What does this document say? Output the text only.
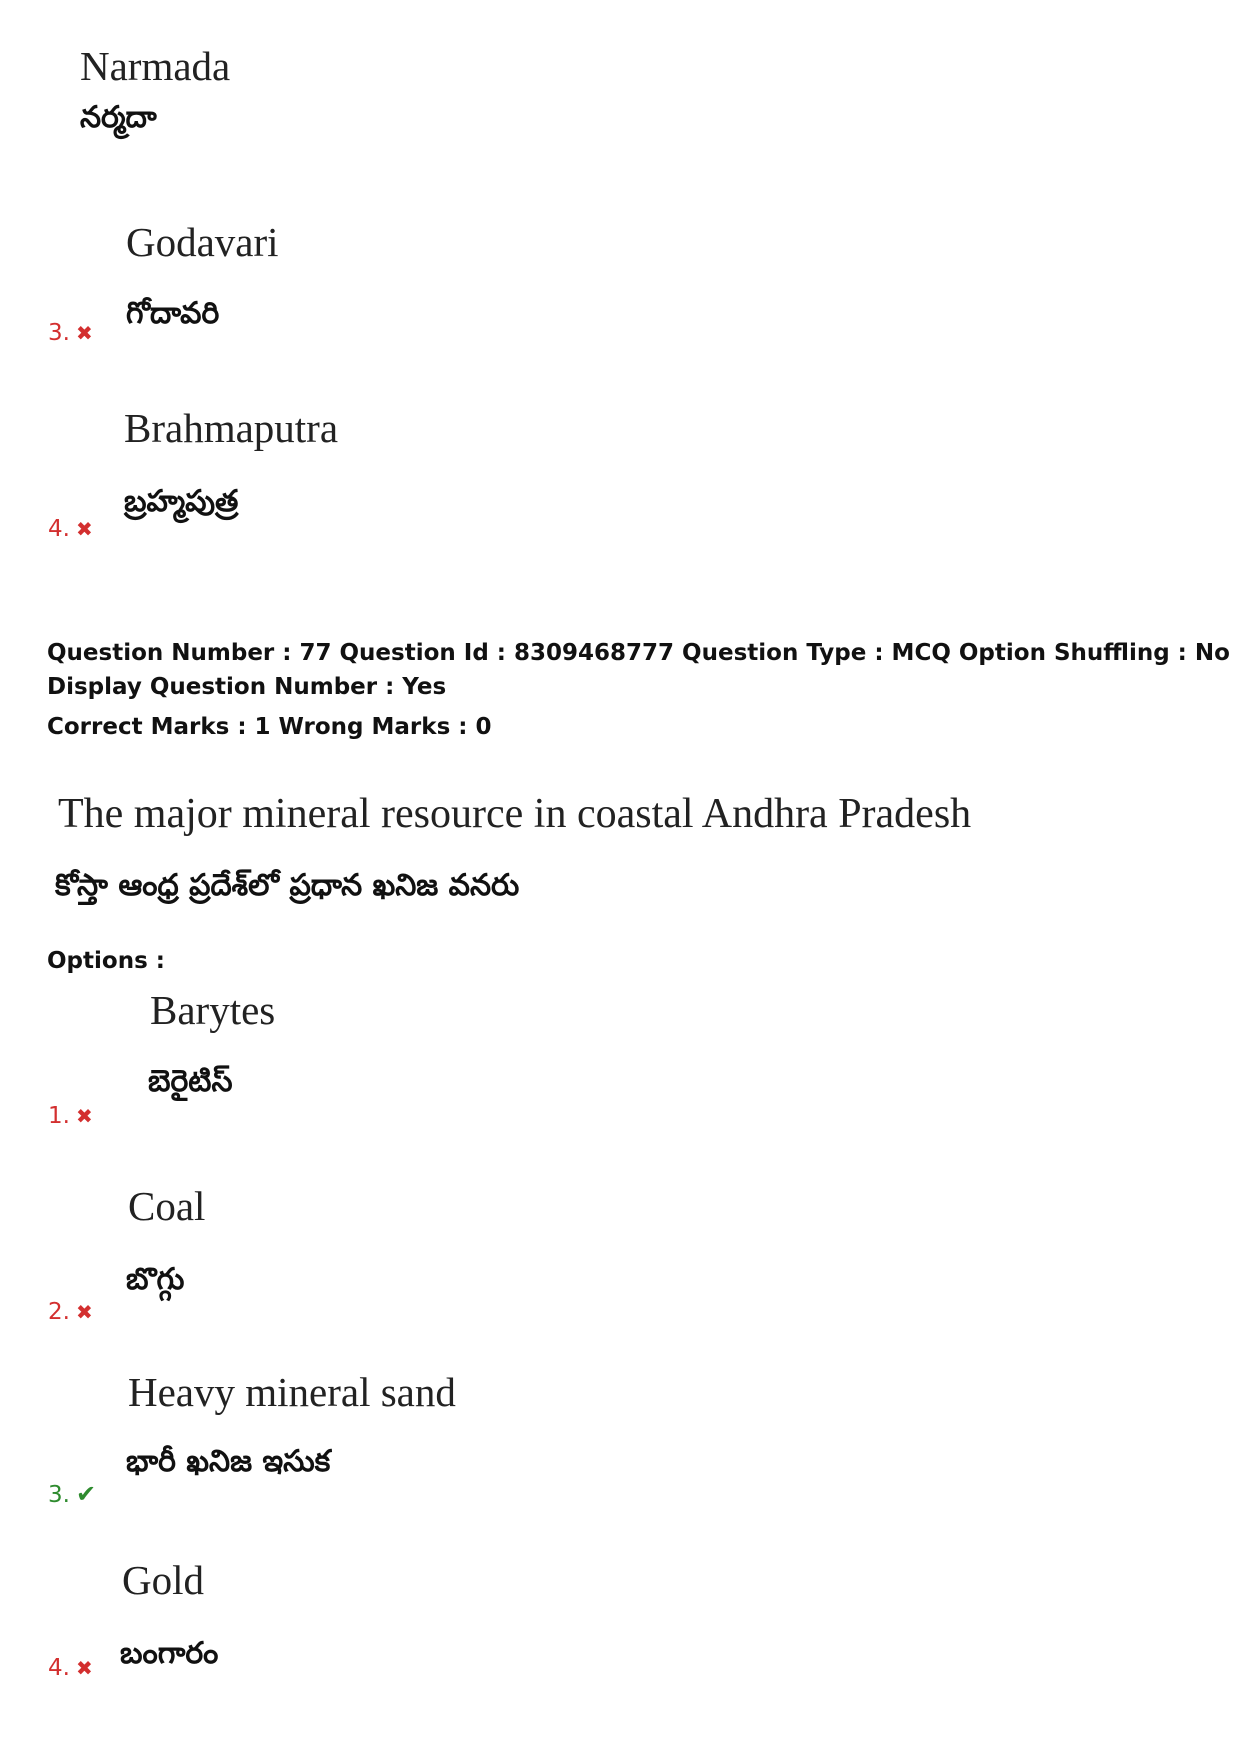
Narmada
నర్మదా
Godavari
గోదావరి
3. ✖
Brahmaputra
బ్రహ్మపుత్ర
4. ✖
Question Number : 77 Question Id : 8309468777 Question Type : MCQ Option Shuffling : No
Display Question Number : Yes
Correct Marks : 1 Wrong Marks : 0
The major mineral resource in coastal Andhra Pradesh
కోస్తా ఆంధ్ర ప్రదేశ్‌లో ప్రధాన ఖనిజ వనరు
Options :
Barytes
బెరైటిస్
1. ✖
Coal
బొగ్గు
2. ✖
Heavy mineral sand
భారీ ఖనిజ ఇసుక
3. ✔
Gold
బంగారం
4. ✖
